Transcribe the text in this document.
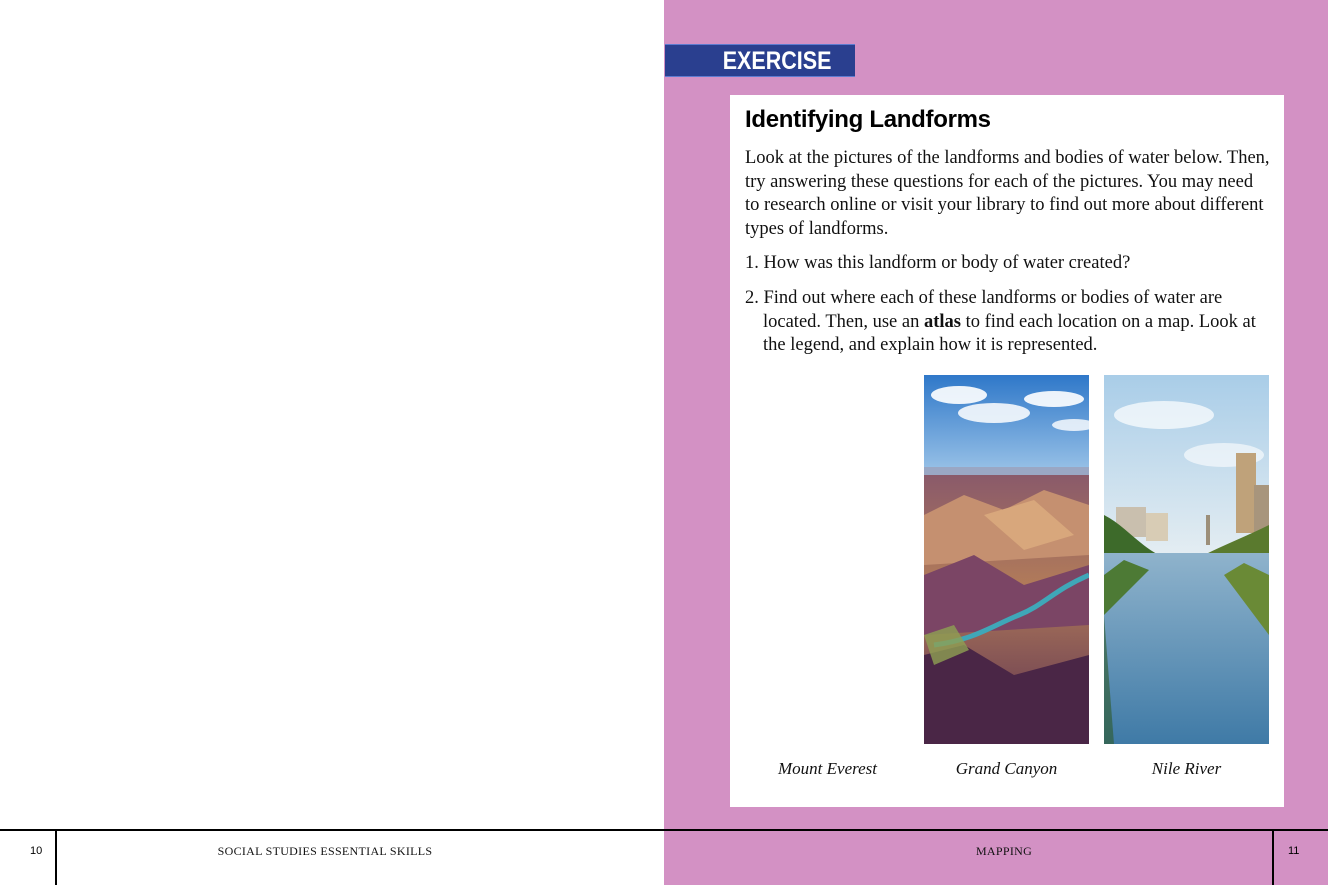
EXERCISE
Identifying Landforms
Look at the pictures of the landforms and bodies of water below. Then, try answering these questions for each of the pictures. You may need to research online or visit your library to find out more about different types of landforms.
1. How was this landform or body of water created?
2. Find out where each of these landforms or bodies of water are located. Then, use an atlas to find each location on a map. Look at the legend, and explain how it is represented.
Mount Everest	Grand Canyon	Nile River
10	SOCIAL STUDIES ESSENTIAL SKILLS	MAPPING	11
